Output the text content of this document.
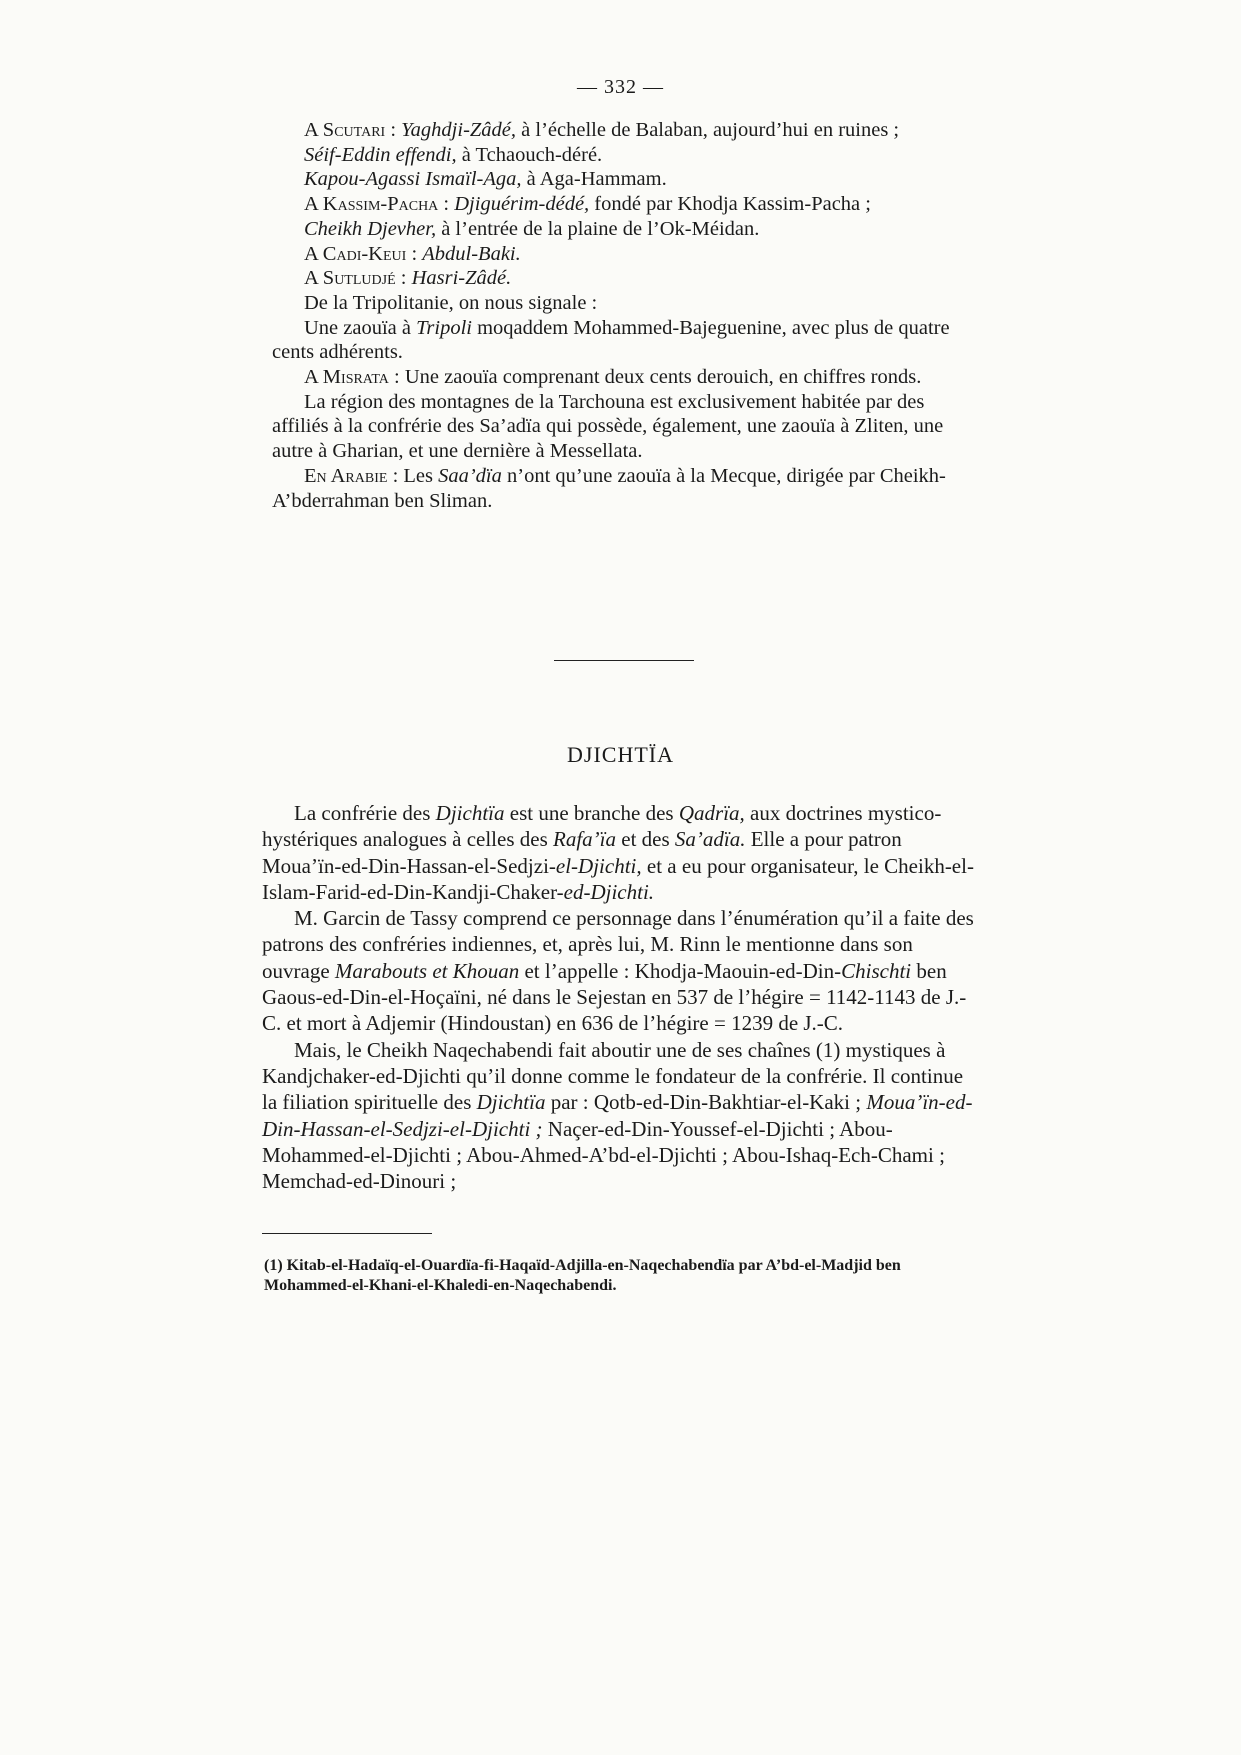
— 332 —

A Scutari : Yaghdji-Zâdé, à l’échelle de Balaban, aujourd’hui en ruines ;

Séif-Eddin effendi, à Tchaouch-déré.

Kapou-Agassi Ismaïl-Aga, à Aga-Hammam.

A Kassim-Pacha : Djiguérim-dédé, fondé par Khodja Kassim-Pacha ;

Cheikh Djevher, à l’entrée de la plaine de l’Ok-Méidan.

A Cadi-Keui : Abdul-Baki.

A Sutludjé : Hasri-Zâdé.

De la Tripolitanie, on nous signale :

Une zaouïa à Tripoli moqaddem Mohammed-Bajeguenine, avec plus de quatre cents adhérents.

A Misrata : Une zaouïa comprenant deux cents derouich, en chiffres ronds.

La région des montagnes de la Tarchouna est exclusivement habitée par des affiliés à la confrérie des Sa’adïa qui possède, également, une zaouïa à Zliten, une autre à Gharian, et une dernière à Messellata.

En Arabie : Les Saa’dïa n’ont qu’une zaouïa à la Mecque, dirigée par Cheikh-A’bderrahman ben Sliman.

DJICHTÏA

La confrérie des Djichtïa est une branche des Qadrïa, aux doctrines mystico-hystériques analogues à celles des Rafa’ïa et des Sa’adïa. Elle a pour patron Moua’ïn-ed-Din-Hassan-el-Sedjzi-el-Djichti, et a eu pour organisateur, le Cheikh-el-Islam-Farid-ed-Din-Kandji-Chaker-ed-Djichti.

M. Garcin de Tassy comprend ce personnage dans l’énumération qu’il a faite des patrons des confréries indiennes, et, après lui, M. Rinn le mentionne dans son ouvrage Marabouts et Khouan et l’appelle : Khodja-Maouin-ed-Din-Chischti ben Gaous-ed-Din-el-Hoçaïni, né dans le Sejestan en 537 de l’hégire = 1142-1143 de J.-C. et mort à Adjemir (Hindoustan) en 636 de l’hégire = 1239 de J.-C.

Mais, le Cheikh Naqechabendi fait aboutir une de ses chaînes (1) mystiques à Kandjchaker-ed-Djichti qu’il donne comme le fondateur de la confrérie. Il continue la filiation spirituelle des Djichtïa par : Qotb-ed-Din-Bakhtiar-el-Kaki ; Moua’ïn-ed-Din-Hassan-el-Sedjzi-el-Djichti ; Naçer-ed-Din-Youssef-el-Djichti ; Abou-Mohammed-el-Djichti ; Abou-Ahmed-A’bd-el-Djichti ; Abou-Ishaq-Ech-Chami ; Memchad-ed-Dinouri ;

(1) Kitab-el-Hadaïq-el-Ouardïa-fi-Haqaïd-Adjilla-en-Naqechabendïa par A’bd-el-Madjid ben Mohammed-el-Khani-el-Khaledi-en-Naqechabendi.
